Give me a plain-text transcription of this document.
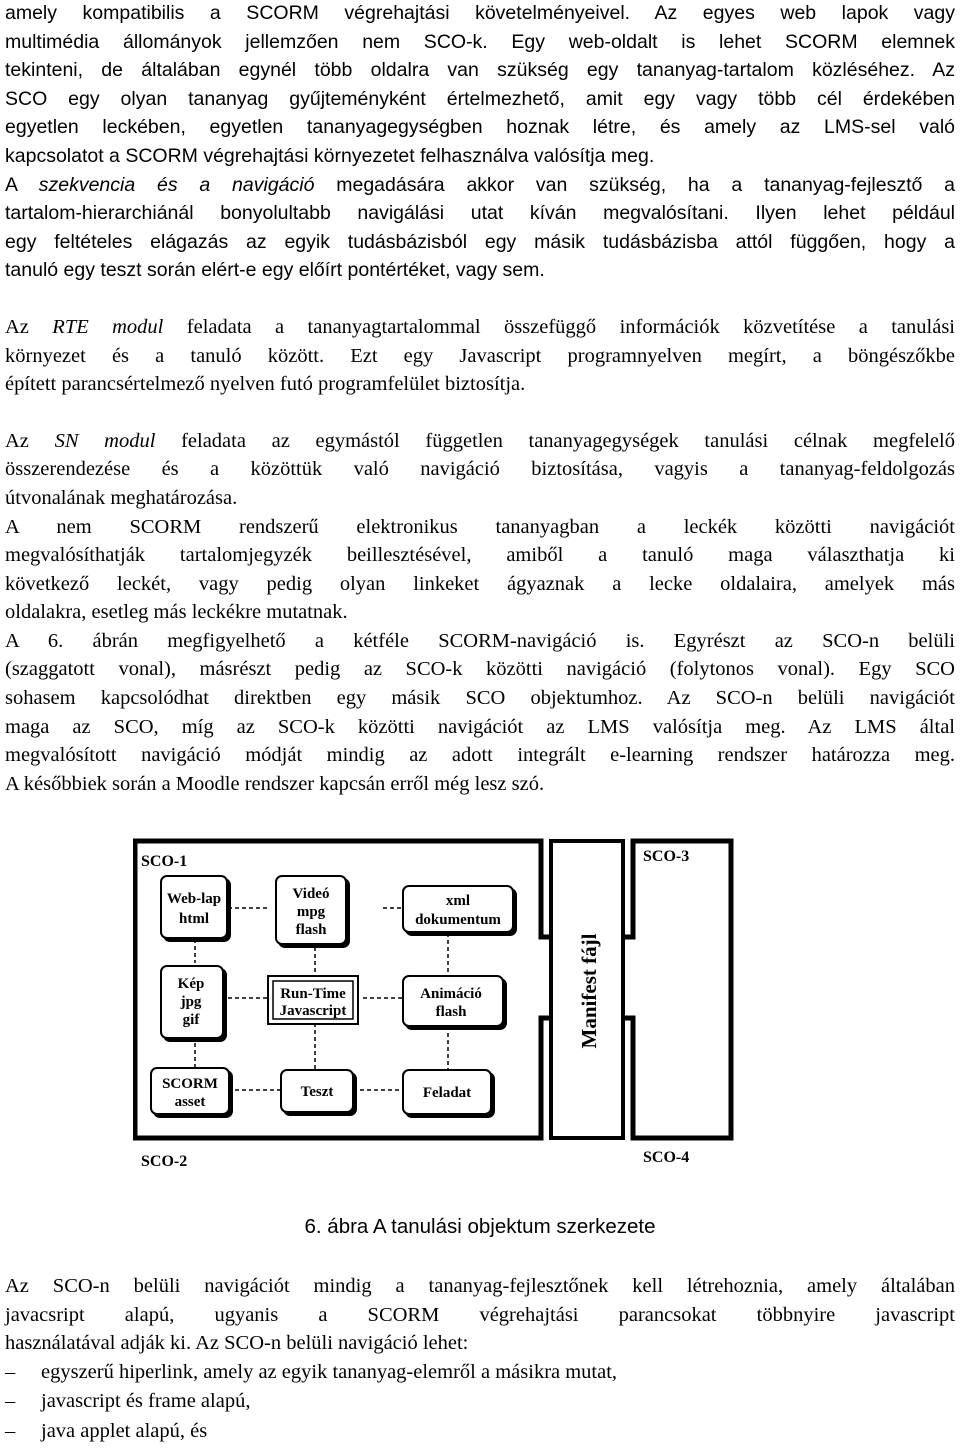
amely kompatibilis a SCORM végrehajtási követelményeivel. Az egyes web lapok vagy
multimédia állományok jellemzően nem SCO-k. Egy web-oldalt is lehet SCORM elemnek
tekinteni, de általában egynél több oldalra van szükség egy tananyag-tartalom közléséhez. Az
SCO egy olyan tananyag gyűjteményként értelmezhető, amit egy vagy több cél érdekében
egyetlen leckében, egyetlen tananyagegységben hoznak létre, és amely az LMS-sel való
kapcsolatot a SCORM végrehajtási környezetet felhasználva valósítja meg.

A szekvencia és a navigáció megadására akkor van szükség, ha a tananyag-fejlesztő a
tartalom-hierarchiánál bonyolultabb navigálási utat kíván megvalósítani. Ilyen lehet például
egy feltételes elágazás az egyik tudásbázisból egy másik tudásbázisba attól függően, hogy a
tanuló egy teszt során elért-e egy előírt pontértéket, vagy sem.

Az RTE modul feladata a tananyagtartalommal összefüggő információk közvetítése a tanulási
környezet és a tanuló között. Ezt egy Javascript programnyelven megírt, a böngészőkbe
épített parancsértelmező nyelven futó programfelület biztosítja.

Az SN modul feladata az egymástól független tananyagegységek tanulási célnak megfelelő
összerendezése és a közöttük való navigáció biztosítása, vagyis a tananyag-feldolgozás
útvonalának meghatározása.

A nem SCORM rendszerű elektronikus tananyagban a leckék közötti navigációt
megvalósíthatják tartalomjegyzék beillesztésével, amiből a tanuló maga választhatja ki
következő leckét, vagy pedig olyan linkeket ágyaznak a lecke oldalaira, amelyek más
oldalakra, esetleg más leckékre mutatnak.

A 6. ábrán megfigyelhető a kétféle SCORM-navigáció is. Egyrészt az SCO-n belüli
(szaggatott vonal), másrészt pedig az SCO-k közötti navigáció (folytonos vonal). Egy SCO
sohasem kapcsolódhat direktben egy másik SCO objektumhoz. Az SCO-n belüli navigációt
maga az SCO, míg az SCO-k közötti navigációt az LMS valósítja meg. Az LMS által
megvalósított navigáció módját mindig az adott integrált e-learning rendszer határozza meg.
A későbbiek során a Moodle rendszer kapcsán erről még lesz szó.

Manifest fájl
SCO-1
SCO-2
SCO-3
SCO-4
Web-lap
html
Videó
mpg
flash
xml
dokumentum
Kép
jpg
gif
Run-Time
Javascript
Animáció
flash
SCORM
asset
Teszt	Feladat
6. ábra A tanulási objektum szerkezete

Az SCO-n belüli navigációt mindig a tananyag-fejlesztőnek kell létrehoznia, amely általában
javacsript alapú, ugyanis a SCORM végrehajtási parancsokat többnyire javascript
használatával adják ki. Az SCO-n belüli navigáció lehet:

– egyszerű hiperlink, amely az egyik tananyag-elemről a másikra mutat,
– javascript és frame alapú,
– java applet alapú, és
